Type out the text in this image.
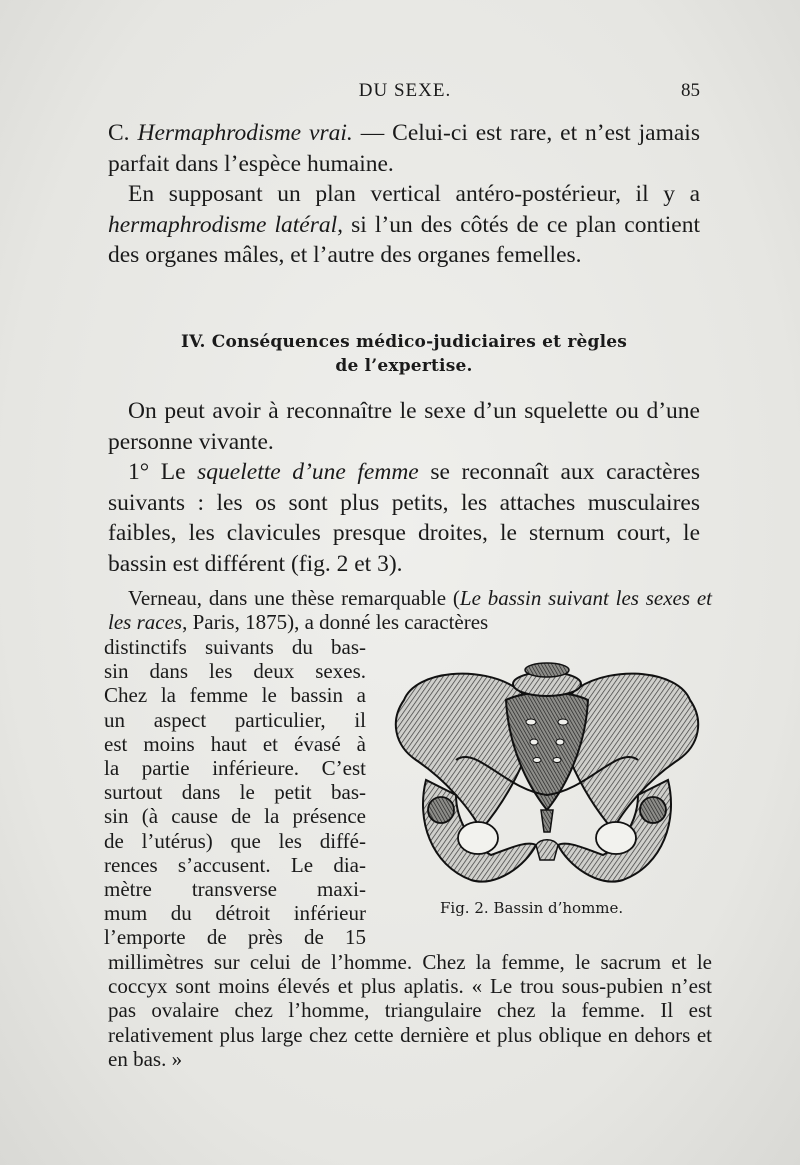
DU SEXE.	85

C. Hermaphrodisme vrai. — Celui-ci est rare, et n’est jamais parfait dans l’espèce humaine.

En supposant un plan vertical antéro-postérieur, il y a hermaphrodisme latéral, si l’un des côtés de ce plan contient des organes mâles, et l’autre des organes femelles.

IV. Conséquences médico-judiciaires et règles
de l’expertise.

On peut avoir à reconnaître le sexe d’un squelette ou d’une personne vivante.

1° Le squelette d’une femme se reconnaît aux caractères suivants : les os sont plus petits, les attaches musculaires faibles, les clavicules presque droites, le sternum court, le bassin est différent (fig. 2 et 3).

Verneau, dans une thèse remarquable (Le bassin suivant les sexes et les races, Paris, 1875), a donné les caractères

distinctifs suivants du bas-
sin dans les deux sexes.
Chez la femme le bassin a
un aspect particulier, il
est moins haut et évasé à
la partie inférieure. C’est
surtout dans le petit bas-
sin (à cause de la présence
de l’utérus) que les diffé-
rences s’accusent. Le dia-
mètre transverse maxi-
mum du détroit inférieur
l’emporte de près de 15

millimètres sur celui de l’homme. Chez la femme, le sacrum et le coccyx sont moins élevés et plus aplatis. « Le trou sous-pubien n’est pas ovalaire chez l’homme, triangulaire chez la femme. Il est relativement plus large chez cette dernière et plus oblique en dehors et en bas. »

Fig. 2. Bassin d’homme.
